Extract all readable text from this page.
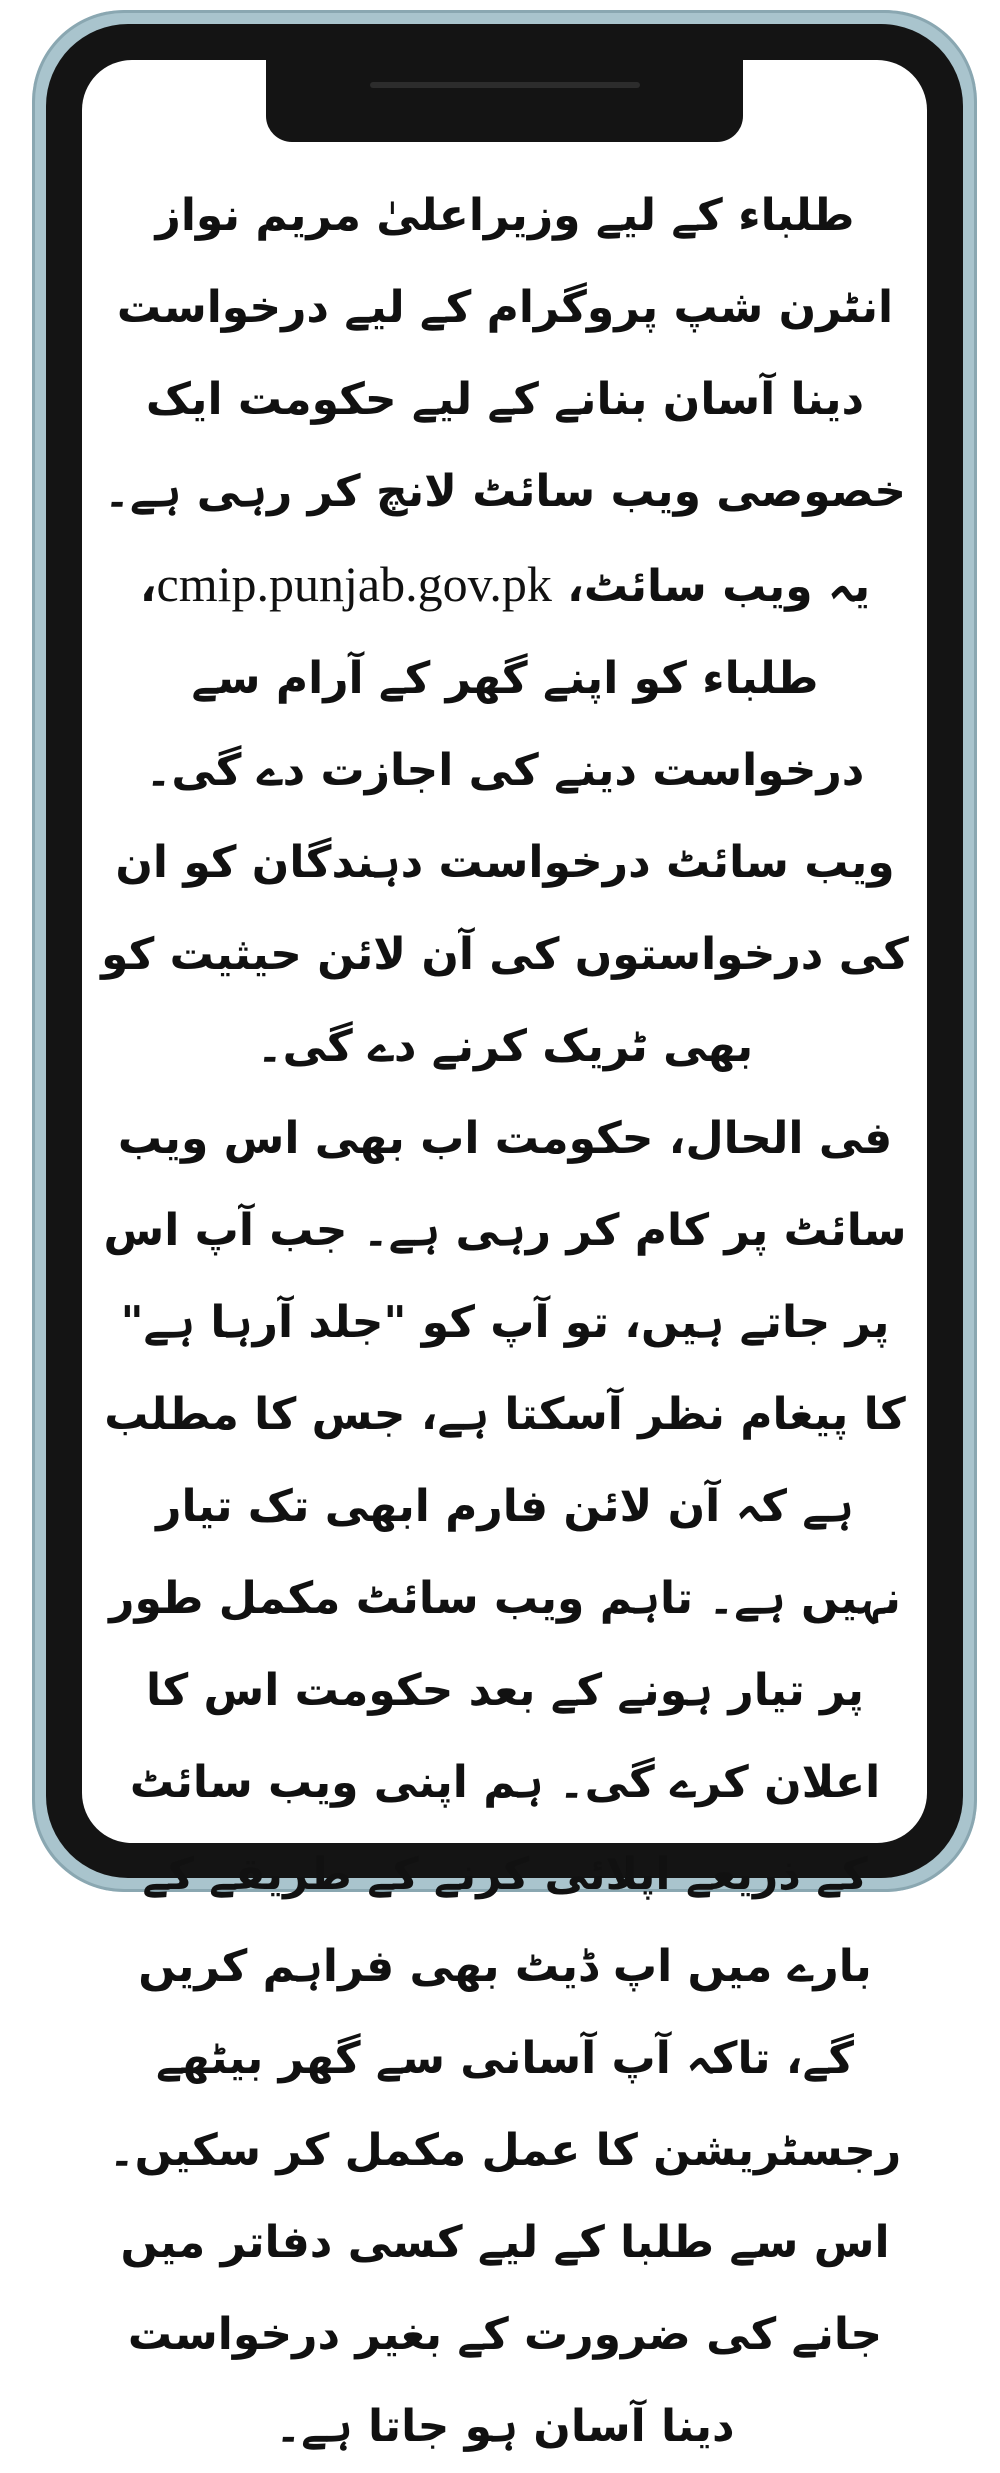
طلباء کے لیے وزیراعلیٰ مریم نواز انٹرن شپ پروگرام کے لیے درخواست دینا آسان بنانے کے لیے حکومت ایک خصوصی ویب سائٹ لانچ کر رہی ہے۔ یہ ویب سائٹ، cmip.punjab.gov.pk، طلباء کو اپنے گھر کے آرام سے درخواست دینے کی اجازت دے گی۔ ویب سائٹ درخواست دہندگان کو ان کی درخواستوں کی آن لائن حیثیت کو بھی ٹریک کرنے دے گی۔

فی الحال، حکومت اب بھی اس ویب سائٹ پر کام کر رہی ہے۔ جب آپ اس پر جاتے ہیں، تو آپ کو "جلد آرہا ہے" کا پیغام نظر آسکتا ہے، جس کا مطلب ہے کہ آن لائن فارم ابھی تک تیار نہیں ہے۔ تاہم ویب سائٹ مکمل طور پر تیار ہونے کے بعد حکومت اس کا اعلان کرے گی۔ ہم اپنی ویب سائٹ کے ذریعے اپلائی کرنے کے طریقے کے بارے میں اپ ڈیٹ بھی فراہم کریں گے، تاکہ آپ آسانی سے گھر بیٹھے رجسٹریشن کا عمل مکمل کر سکیں۔ اس سے طلبا کے لیے کسی دفاتر میں جانے کی ضرورت کے بغیر درخواست دینا آسان ہو جاتا ہے۔
